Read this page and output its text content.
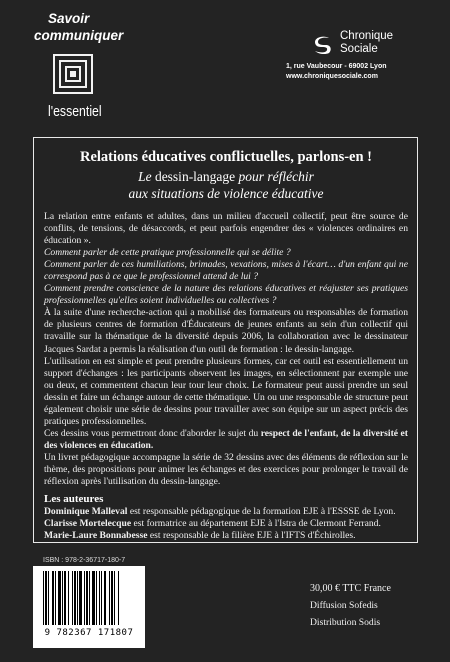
Savoir
communiquer
l'essentiel
Chronique
Sociale
1, rue Vaubecour - 69002 Lyon
www.chroniquesociale.com
Relations éducatives conflictuelles, parlons-en !
Le dessin-langage pour réfléchir
aux situations de violence éducative

La relation entre enfants et adultes, dans un milieu d'accueil collectif, peut être source de conflits, de tensions, de désaccords, et peut parfois engendrer des « violences ordinaires en éducation ».

Comment parler de cette pratique professionnelle qui se délite ?

Comment parler de ces humiliations, brimades, vexations, mises à l'écart… d'un enfant qui ne correspond pas à ce que le professionnel attend de lui ?

Comment prendre conscience de la nature des relations éducatives et réajuster ses pratiques professionnelles qu'elles soient individuelles ou collectives ?

À la suite d'une recherche-action qui a mobilisé des formateurs ou responsables de formation de plusieurs centres de formation d'Éducateurs de jeunes enfants au sein d'un collectif qui travaille sur la thématique de la diversité depuis 2006, la collaboration avec le dessinateur Jacques Sardat a permis la réalisation d'un outil de formation : le dessin-langage.

L'utilisation en est simple et peut prendre plusieurs formes, car cet outil est essentiellement un support d'échanges : les participants observent les images, en sélectionnent par exemple une ou deux, et commentent chacun leur tour leur choix. Le formateur peut aussi prendre un seul dessin et faire un échange autour de cette thématique. Un ou une responsable de structure peut également choisir une série de dessins pour travailler avec son équipe sur un aspect précis des pratiques professionnelles.

Ces dessins vous permettront donc d'aborder le sujet du respect de l'enfant, de la diversité et des violences en éducation.

Un livret pédagogique accompagne la série de 32 dessins avec des éléments de réflexion sur le thème, des propositions pour animer les échanges et des exercices pour prolonger le travail de réflexion après l'utilisation du dessin-langage.

Les auteures
Dominique Malleval est responsable pédagogique de la formation EJE à l'ESSSE de Lyon.
Clarisse Mortelecque est formatrice au département EJE à l'Istra de Clermont Ferrand.
Marie-Laure Bonnabesse est responsable de la filière EJE à l'IFTS d'Échirolles.
ISBN : 978-2-36717-180-7
9 782367 171807
30,00 € TTC France
Diffusion Sofedis
Distribution Sodis
